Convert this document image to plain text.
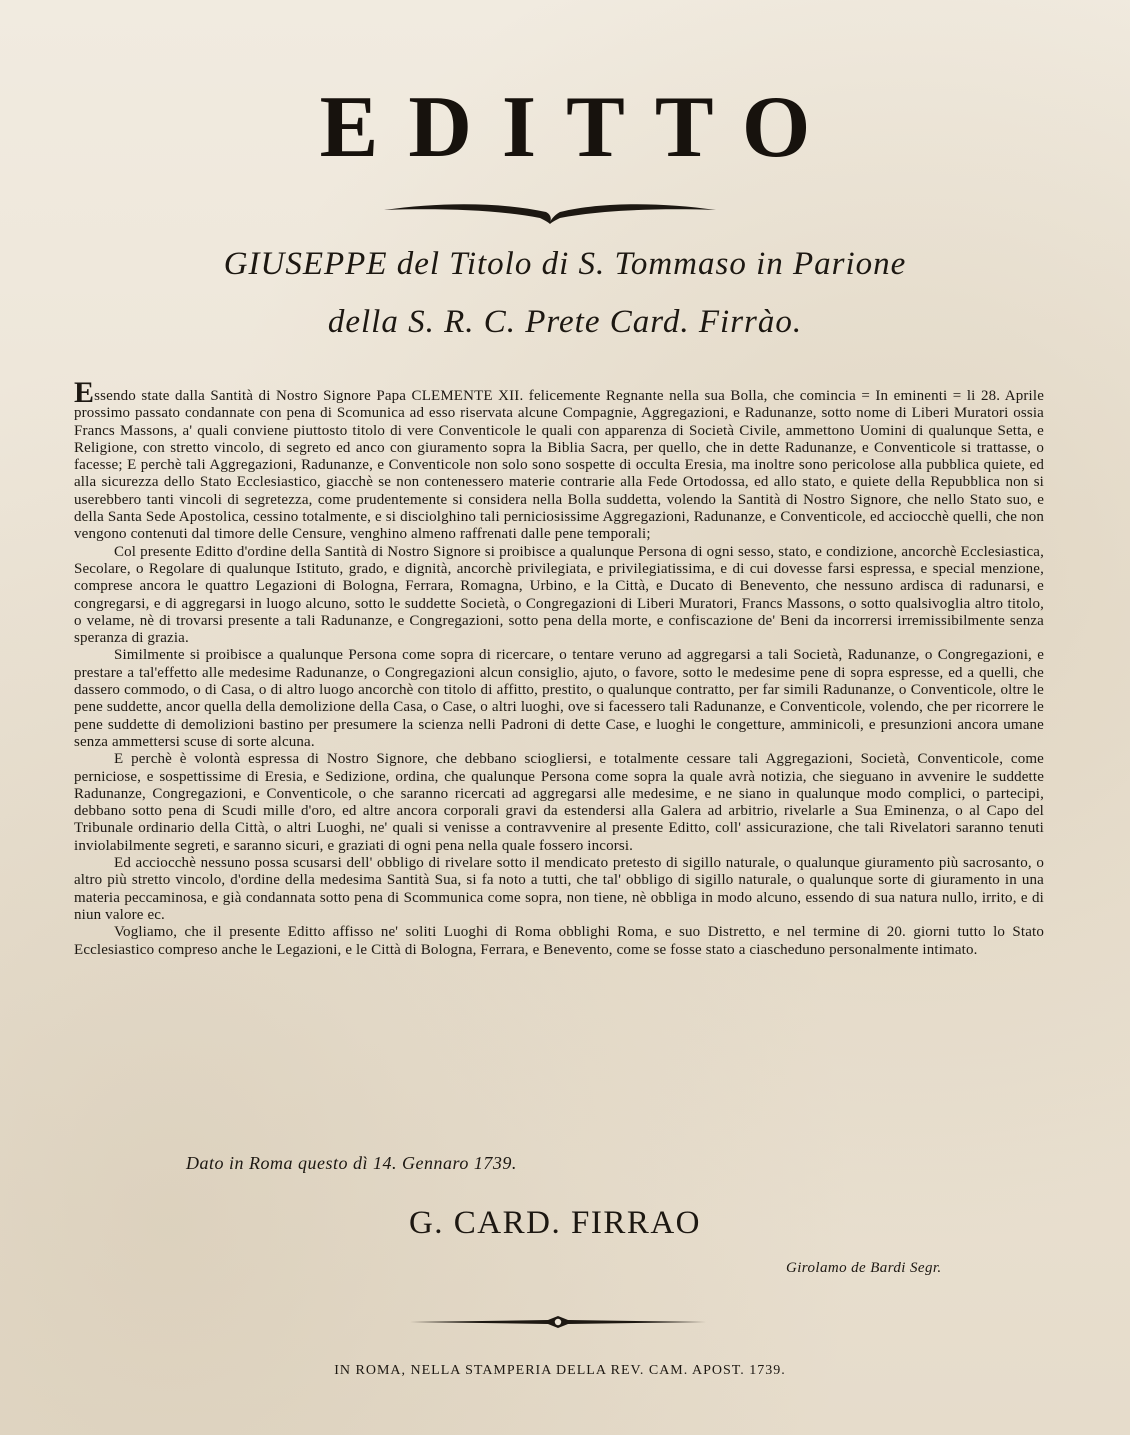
EDITTO
GIUSEPPE del Titolo di S. Tommaso in Parione
della S. R. C. Prete Card. Firrào.

Essendo state dalla Santità di Nostro Signore Papa CLEMENTE XII. felicemente Regnante nella sua Bolla, che comincia = In eminenti = li 28. Aprile prossimo passato condannate con pena di Scomunica ad esso riservata alcune Compagnie, Aggregazioni, e Radunanze, sotto nome di Liberi Muratori ossia Francs Massons, a' quali conviene piuttosto titolo di vere Conventicole le quali con apparenza di Società Civile, ammettono Uomini di qualunque Setta, e Religione, con stretto vincolo, di segreto ed anco con giuramento sopra la Biblia Sacra, per quello, che in dette Radunanze, e Conventicole si trattasse, o facesse; E perchè tali Aggregazioni, Radunanze, e Conventicole non solo sono sospette di occulta Eresia, ma inoltre sono pericolose alla pubblica quiete, ed alla sicurezza dello Stato Ecclesiastico, giacchè se non contenessero materie contrarie alla Fede Ortodossa, ed allo stato, e quiete della Repubblica non si userebbero tanti vincoli di segretezza, come prudentemente si considera nella Bolla suddetta, volendo la Santità di Nostro Signore, che nello Stato suo, e della Santa Sede Apostolica, cessino totalmente, e si disciolghino tali perniciosissime Aggregazioni, Radunanze, e Conventicole, ed acciocchè quelli, che non vengono contenuti dal timore delle Censure, venghino almeno raffrenati dalle pene temporali;

Col presente Editto d'ordine della Santità di Nostro Signore si proibisce a qualunque Persona di ogni sesso, stato, e condizione, ancorchè Ecclesiastica, Secolare, o Regolare di qualunque Istituto, grado, e dignità, ancorchè privilegiata, e privilegiatissima, e di cui dovesse farsi espressa, e special menzione, comprese ancora le quattro Legazioni di Bologna, Ferrara, Romagna, Urbino, e la Città, e Ducato di Benevento, che nessuno ardisca di radunarsi, e congregarsi, e di aggregarsi in luogo alcuno, sotto le suddette Società, o Congregazioni di Liberi Muratori, Francs Massons, o sotto qualsivoglia altro titolo, o velame, nè di trovarsi presente a tali Radunanze, e Congregazioni, sotto pena della morte, e confiscazione de' Beni da incorrersi irremissibilmente senza speranza di grazia.

Similmente si proibisce a qualunque Persona come sopra di ricercare, o tentare veruno ad aggregarsi a tali Società, Radunanze, o Congregazioni, e prestare a tal'effetto alle medesime Radunanze, o Congregazioni alcun consiglio, ajuto, o favore, sotto le medesime pene di sopra espresse, ed a quelli, che dassero commodo, o di Casa, o di altro luogo ancorchè con titolo di affitto, prestito, o qualunque contratto, per far simili Radunanze, o Conventicole, oltre le pene suddette, ancor quella della demolizione della Casa, o Case, o altri luoghi, ove si facessero tali Radunanze, e Conventicole, volendo, che per ricorrere le pene suddette di demolizioni bastino per presumere la scienza nelli Padroni di dette Case, e luoghi le congetture, amminicoli, e presunzioni ancora umane senza ammettersi scuse di sorte alcuna.

E perchè è volontà espressa di Nostro Signore, che debbano sciogliersi, e totalmente cessare tali Aggregazioni, Società, Conventicole, come perniciose, e sospettissime di Eresia, e Sedizione, ordina, che qualunque Persona come sopra la quale avrà notizia, che sieguano in avvenire le suddette Radunanze, Congregazioni, e Conventicole, o che saranno ricercati ad aggregarsi alle medesime, e ne siano in qualunque modo complici, o partecipi, debbano sotto pena di Scudi mille d'oro, ed altre ancora corporali gravi da estendersi alla Galera ad arbitrio, rivelarle a Sua Eminenza, o al Capo del Tribunale ordinario della Città, o altri Luoghi, ne' quali si venisse a contravvenire al presente Editto, coll' assicurazione, che tali Rivelatori saranno tenuti inviolabilmente segreti, e saranno sicuri, e graziati di ogni pena nella quale fossero incorsi.

Ed acciocchè nessuno possa scusarsi dell' obbligo di rivelare sotto il mendicato pretesto di sigillo naturale, o qualunque giuramento più sacrosanto, o altro più stretto vincolo, d'ordine della medesima Santità Sua, si fa noto a tutti, che tal' obbligo di sigillo naturale, o qualunque sorte di giuramento in una materia peccaminosa, e già condannata sotto pena di Scommunica come sopra, non tiene, nè obbliga in modo alcuno, essendo di sua natura nullo, irrito, e di niun valore ec.

Vogliamo, che il presente Editto affisso ne' soliti Luoghi di Roma obblighi Roma, e suo Distretto, e nel termine di 20. giorni tutto lo Stato Ecclesiastico compreso anche le Legazioni, e le Città di Bologna, Ferrara, e Benevento, come se fosse stato a ciascheduno personalmente intimato.

Dato in Roma questo dì 14. Gennaro 1739.
G. CARD. FIRRAO
Girolamo de Bardi Segr.
IN ROMA, NELLA STAMPERIA DELLA REV. CAM. APOST. 1739.
